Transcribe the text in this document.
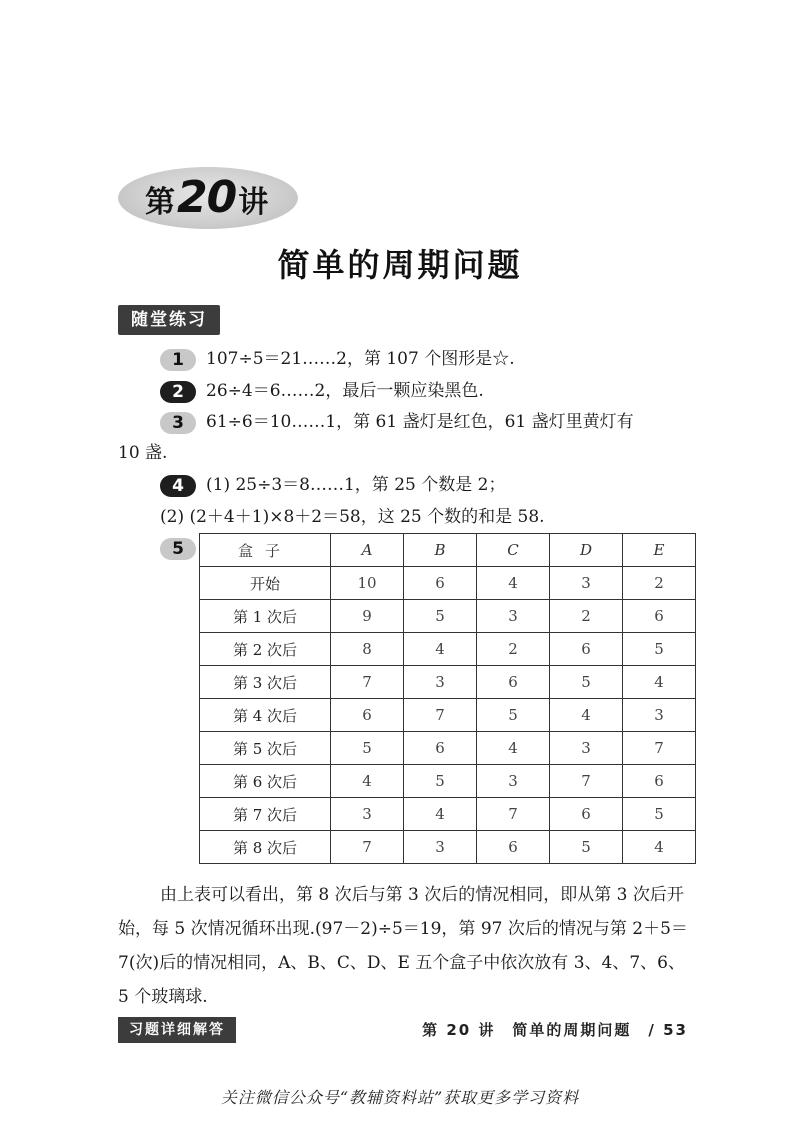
第 20 讲
简单的周期问题
随堂练习
1 107÷5＝21……2，第 107 个图形是☆.
2 26÷4＝6……2，最后一颗应染黑色.
3 61÷6＝10……1，第 61 盏灯是红色，61 盏灯里黄灯有
10 盏.
4 (1) 25÷3＝8……1，第 25 个数是 2；
(2) (2＋4＋1)×8＋2＝58，这 25 个数的和是 58.
5	盒子	A	B	C	D	E
开始	10	6	4	3	2
第 1 次后	9	5	3	2	6
第 2 次后	8	4	2	6	5
第 3 次后	7	3	6	5	4
第 4 次后	6	7	5	4	3
第 5 次后	5	6	4	3	7
第 6 次后	4	5	3	7	6
第 7 次后	3	4	7	6	5
第 8 次后	7	3	6	5	4
由上表可以看出，第 8 次后与第 3 次后的情况相同，即从第 3 次后开始，每 5 次情况循环出现.(97－2)÷5＝19，第 97 次后的情况与第 2＋5＝7(次)后的情况相同，A、B、C、D、E 五个盒子中依次放有 3、4、7、6、5 个玻璃球.
习题详细解答	第 20 讲　简单的周期问题　/ 53
关注微信公众号“教辅资料站”获取更多学习资料
